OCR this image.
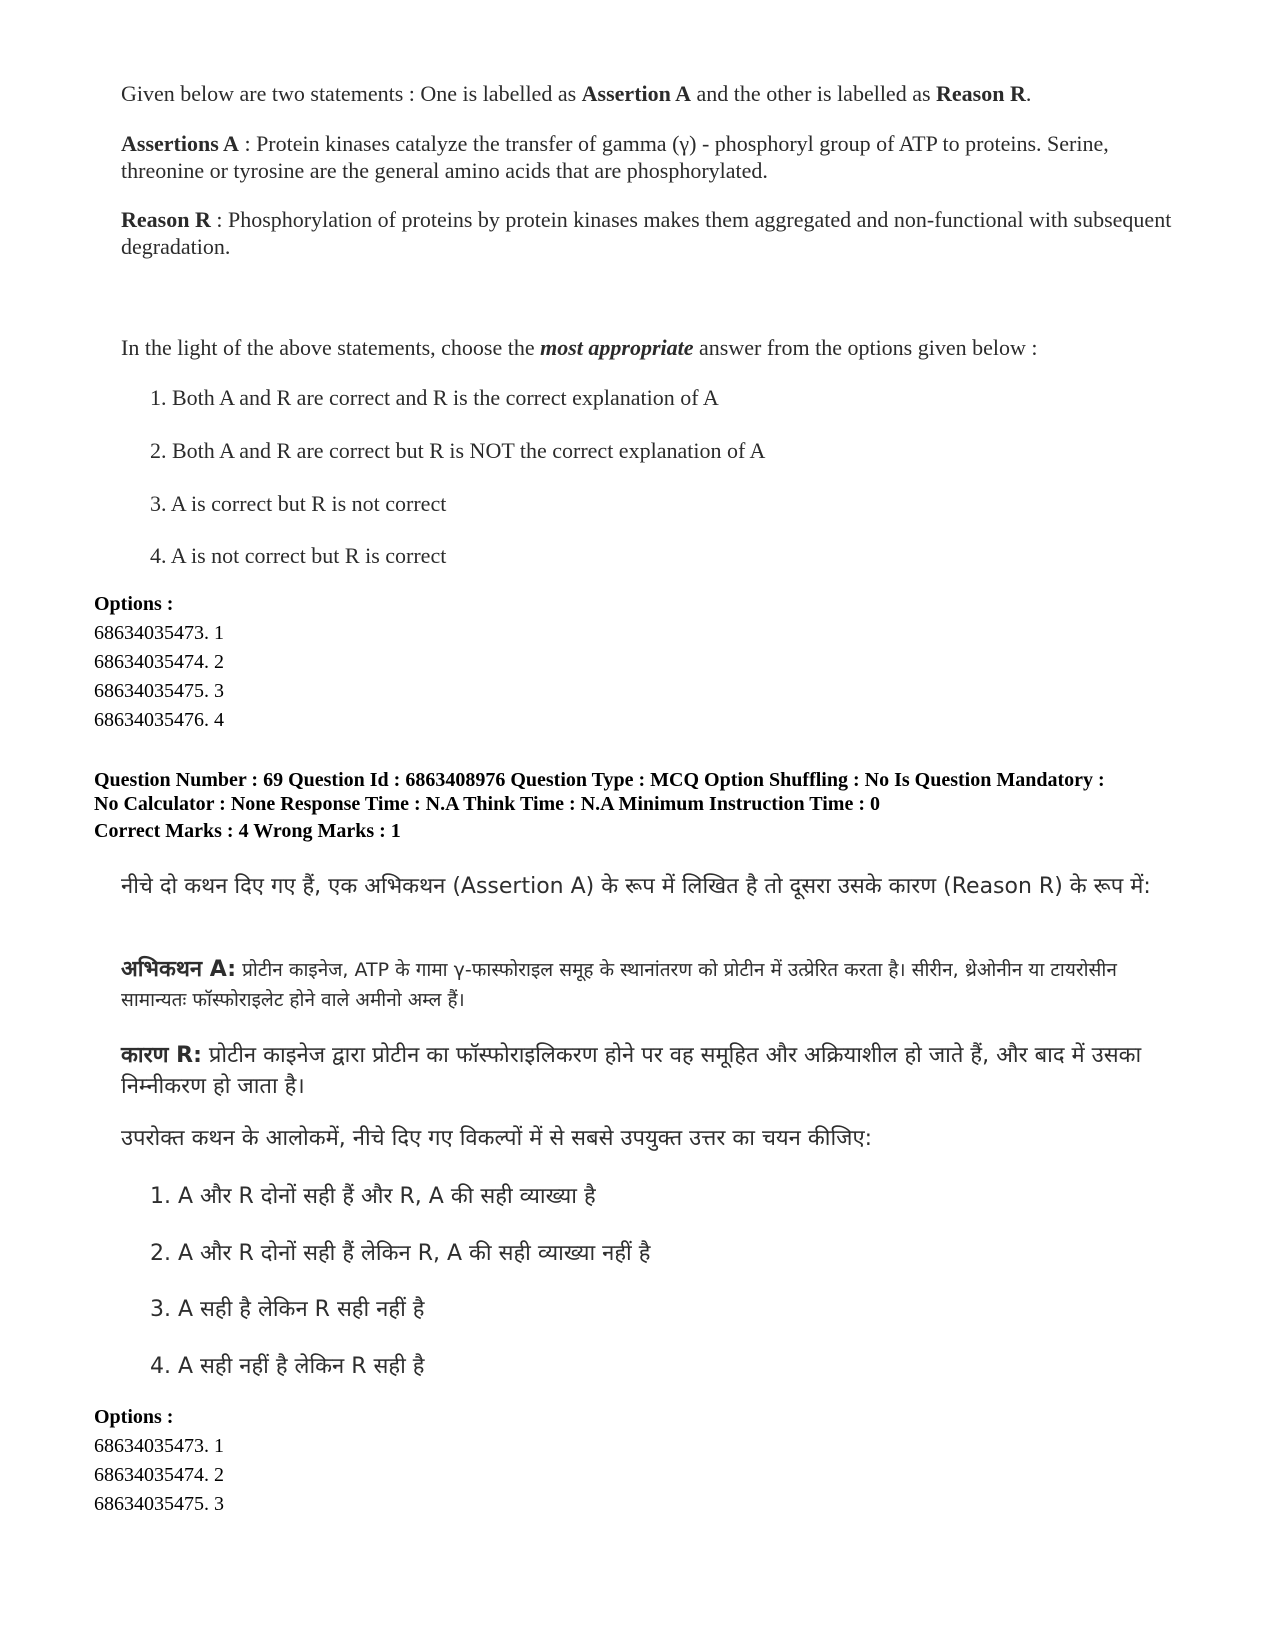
Given below are two statements : One is labelled as Assertion A and the other is labelled as Reason R.

Assertions A : Protein kinases catalyze the transfer of gamma (γ) - phosphoryl group of ATP to proteins. Serine, threonine or tyrosine are the general amino acids that are phosphorylated.

Reason R : Phosphorylation of proteins by protein kinases makes them aggregated and non-functional with subsequent degradation.

In the light of the above statements, choose the most appropriate answer from the options given below :

1. Both A and R are correct and R is the correct explanation of A
2. Both A and R are correct but R is NOT the correct explanation of A
3. A is correct but R is not correct
4. A is not correct but R is correct
Options :
68634035473. 1
68634035474. 2
68634035475. 3
68634035476. 4
Question Number : 69 Question Id : 6863408976 Question Type : MCQ Option Shuffling : No Is Question Mandatory :
No Calculator : None Response Time : N.A Think Time : N.A Minimum Instruction Time : 0
Correct Marks : 4 Wrong Marks : 1
नीचे दो कथन दिए गए हैं, एक अभिकथन (Assertion A) के रूप में लिखित है तो दूसरा उसके कारण (Reason R) के रूप में:
अभिकथन A: प्रोटीन काइनेज, ATP के गामा γ-फास्फोराइल समूह के स्थानांतरण को प्रोटीन में उत्प्रेरित करता है। सीरीन, थ्रेओनीन या टायरोसीन सामान्यतः फॉस्फोराइलेट होने वाले अमीनो अम्ल हैं।
कारण R: प्रोटीन काइनेज द्वारा प्रोटीन का फॉस्फोराइलिकरण होने पर वह समूहित और अक्रियाशील हो जाते हैं, और बाद में उसका निम्नीकरण हो जाता है।
उपरोक्त कथन के आलोकमें, नीचे दिए गए विकल्पों में से सबसे उपयुक्त उत्तर का चयन कीजिए:
1. A और R दोनों सही हैं और R, A की सही व्याख्या है
2. A और R दोनों सही हैं लेकिन R, A की सही व्याख्या नहीं है
3. A सही है लेकिन R सही नहीं है
4. A सही नहीं है लेकिन R सही है
Options :
68634035473. 1
68634035474. 2
68634035475. 3
